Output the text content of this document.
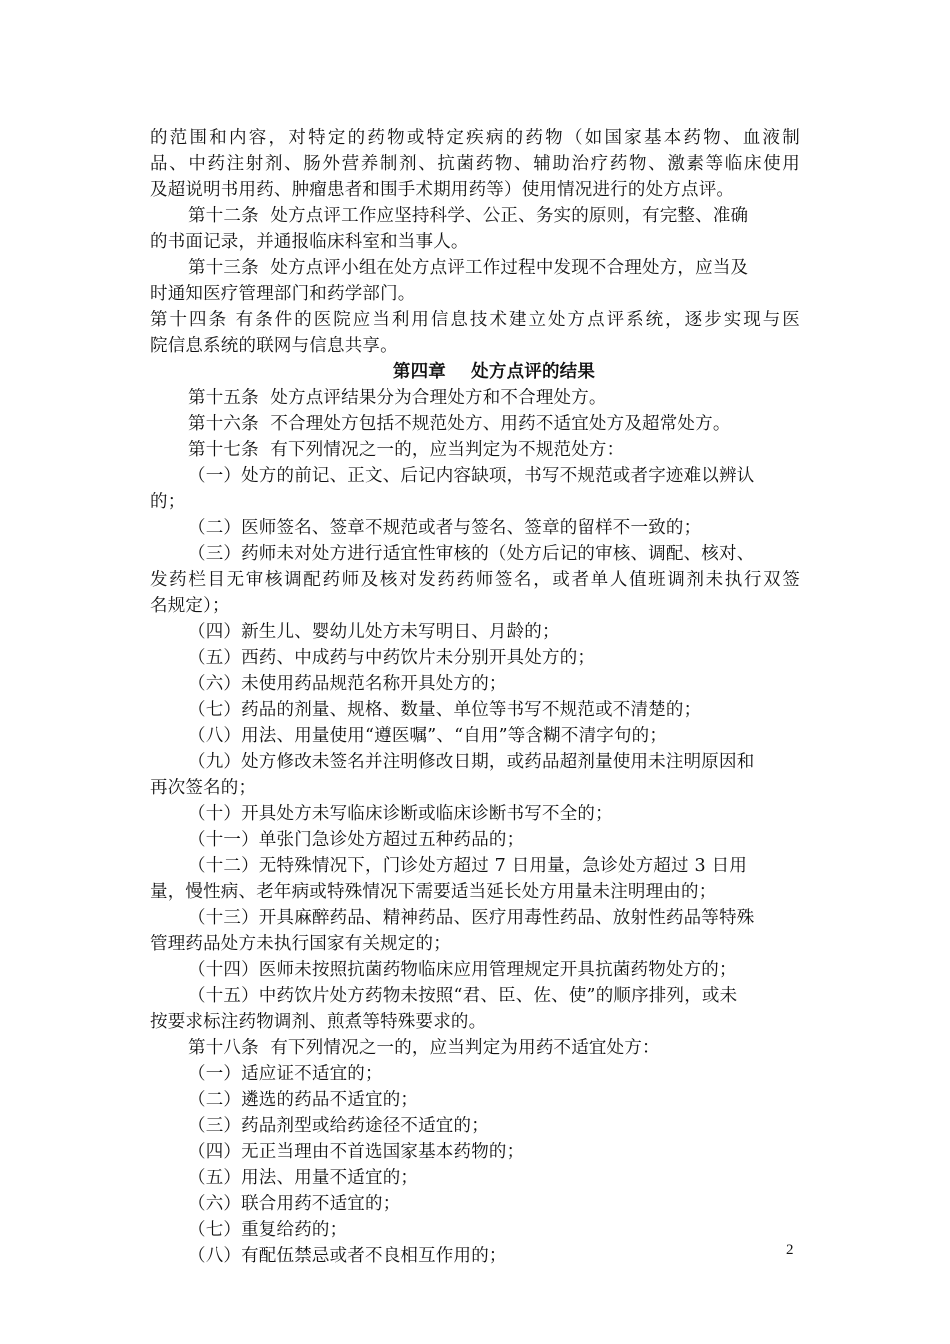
的范围和内容，对特定的药物或特定疾病的药物（如国家基本药物、血液制
品、中药注射剂、肠外营养制剂、抗菌药物、辅助治疗药物、激素等临床使用
及超说明书用药、肿瘤患者和围手术期用药等）使用情况进行的处方点评。
第十二条  处方点评工作应坚持科学、公正、务实的原则，有完整、准确
的书面记录，并通报临床科室和当事人。
第十三条  处方点评小组在处方点评工作过程中发现不合理处方，应当及
时通知医疗管理部门和药学部门。
第十四条 有条件的医院应当利用信息技术建立处方点评系统，逐步实现与医
院信息系统的联网与信息共享。
第四章    处方点评的结果
第十五条  处方点评结果分为合理处方和不合理处方。
第十六条  不合理处方包括不规范处方、用药不适宜处方及超常处方。
第十七条  有下列情况之一的，应当判定为不规范处方：
（一）处方的前记、正文、后记内容缺项，书写不规范或者字迹难以辨认
的；
（二）医师签名、签章不规范或者与签名、签章的留样不一致的；
（三）药师未对处方进行适宜性审核的（处方后记的审核、调配、核对、
发药栏目无审核调配药师及核对发药药师签名，或者单人值班调剂未执行双签
名规定）；
（四）新生儿、婴幼儿处方未写明日、月龄的；
（五）西药、中成药与中药饮片未分别开具处方的；
（六）未使用药品规范名称开具处方的；
（七）药品的剂量、规格、数量、单位等书写不规范或不清楚的；
（八）用法、用量使用“遵医嘱”、“自用”等含糊不清字句的；
（九）处方修改未签名并注明修改日期，或药品超剂量使用未注明原因和
再次签名的；
（十）开具处方未写临床诊断或临床诊断书写不全的；
（十一）单张门急诊处方超过五种药品的；
（十二）无特殊情况下，门诊处方超过 7 日用量，急诊处方超过 3 日用
量，慢性病、老年病或特殊情况下需要适当延长处方用量未注明理由的；
（十三）开具麻醉药品、精神药品、医疗用毒性药品、放射性药品等特殊
管理药品处方未执行国家有关规定的；
（十四）医师未按照抗菌药物临床应用管理规定开具抗菌药物处方的；
（十五）中药饮片处方药物未按照“君、臣、佐、使”的顺序排列，或未
按要求标注药物调剂、煎煮等特殊要求的。
第十八条  有下列情况之一的，应当判定为用药不适宜处方：
（一）适应证不适宜的；
（二）遴选的药品不适宜的；
（三）药品剂型或给药途径不适宜的；
（四）无正当理由不首选国家基本药物的；
（五）用法、用量不适宜的；
（六）联合用药不适宜的；
（七）重复给药的；
（八）有配伍禁忌或者不良相互作用的；	2
